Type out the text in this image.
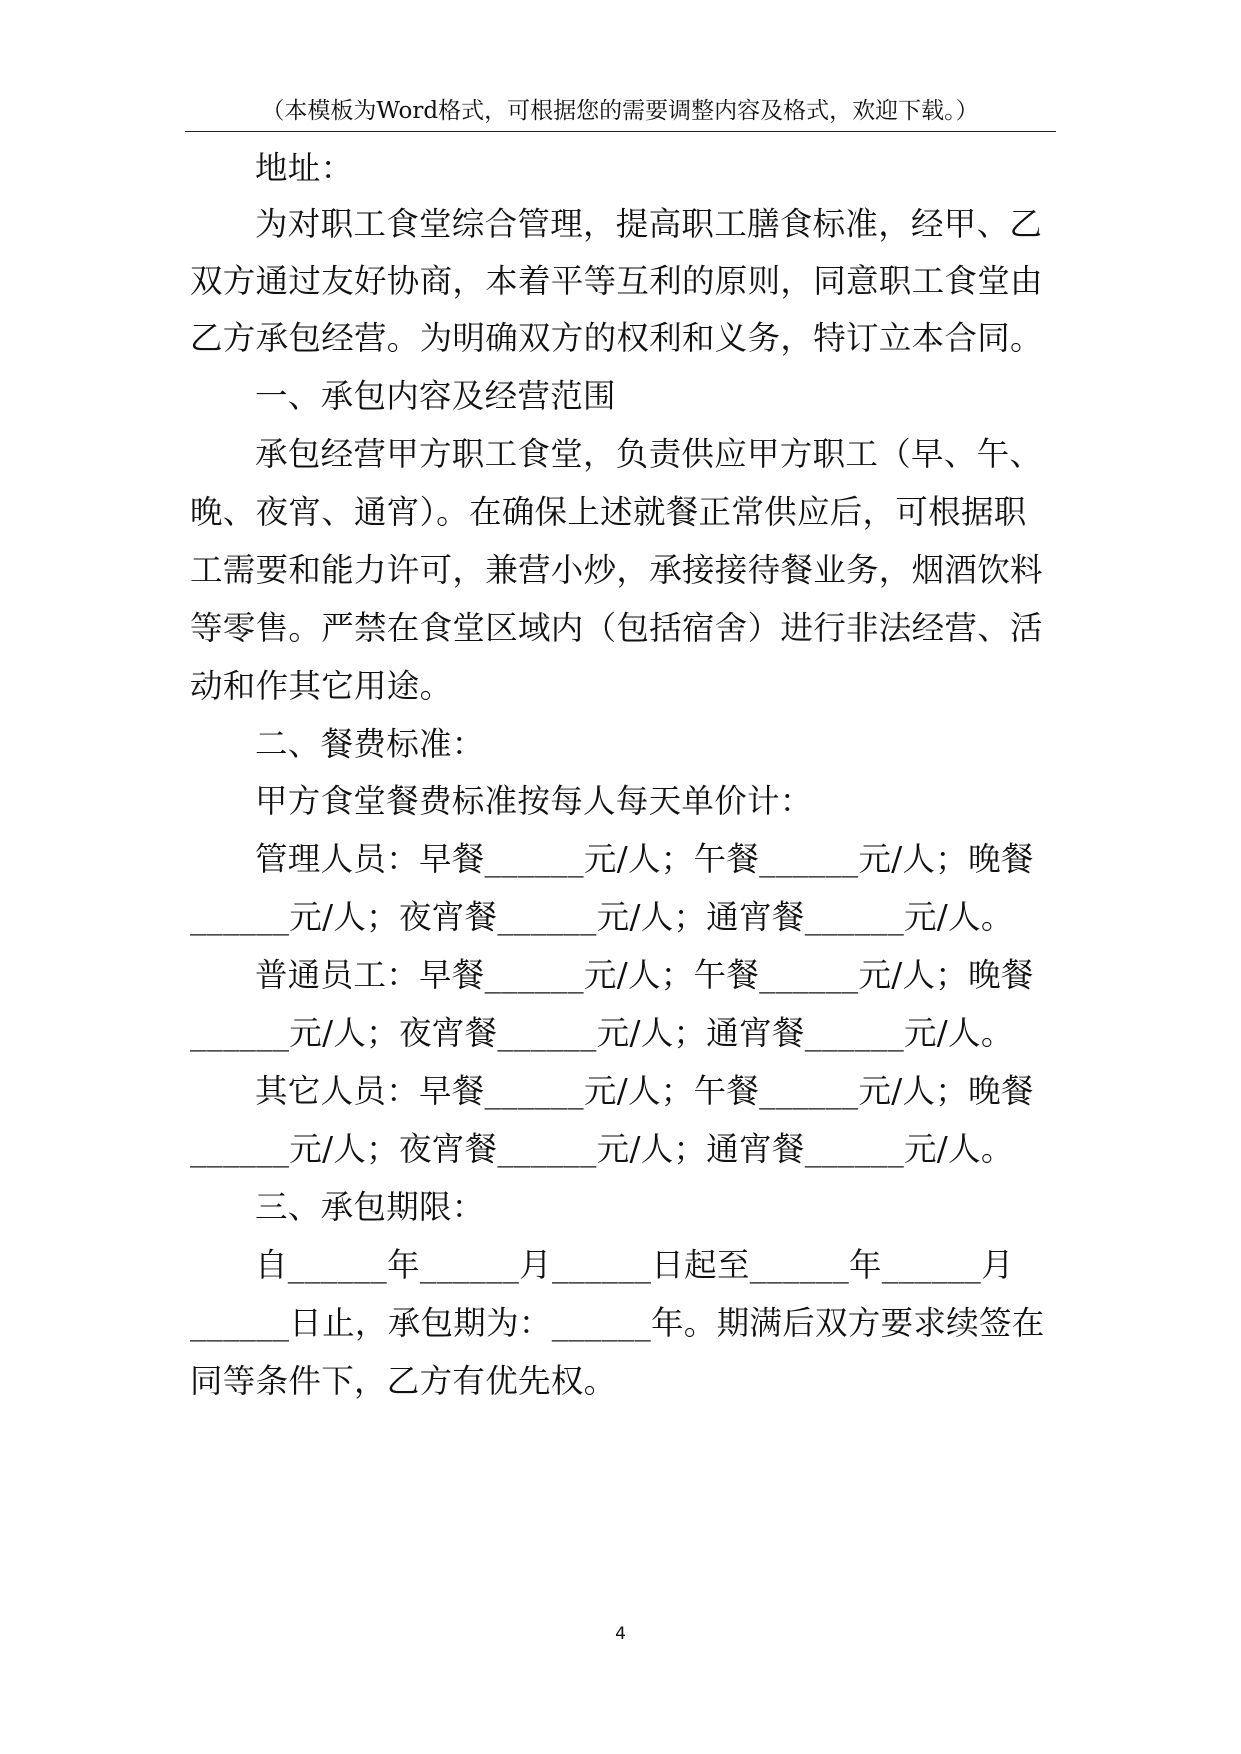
（本模板为Word格式，可根据您的需要调整内容及格式，欢迎下载。）
地址：
为对职工食堂综合管理，提高职工膳食标准，经甲、乙
双方通过友好协商，本着平等互利的原则，同意职工食堂由
乙方承包经营。为明确双方的权利和义务，特订立本合同。
一、承包内容及经营范围
承包经营甲方职工食堂，负责供应甲方职工（早、午、
晚、夜宵、通宵）。在确保上述就餐正常供应后，可根据职
工需要和能力许可，兼营小炒，承接接待餐业务，烟酒饮料
等零售。严禁在食堂区域内（包括宿舍）进行非法经营、活
动和作其它用途。
二、餐费标准：
甲方食堂餐费标准按每人每天单价计：
管理人员：早餐______元/人；午餐______元/人；晚餐
______元/人；夜宵餐______元/人；通宵餐______元/人。
普通员工：早餐______元/人；午餐______元/人；晚餐
______元/人；夜宵餐______元/人；通宵餐______元/人。
其它人员：早餐______元/人；午餐______元/人；晚餐
______元/人；夜宵餐______元/人；通宵餐______元/人。
三、承包期限：
自______年______月______日起至______年______月
______日止，承包期为：______年。期满后双方要求续签在
同等条件下，乙方有优先权。
4
